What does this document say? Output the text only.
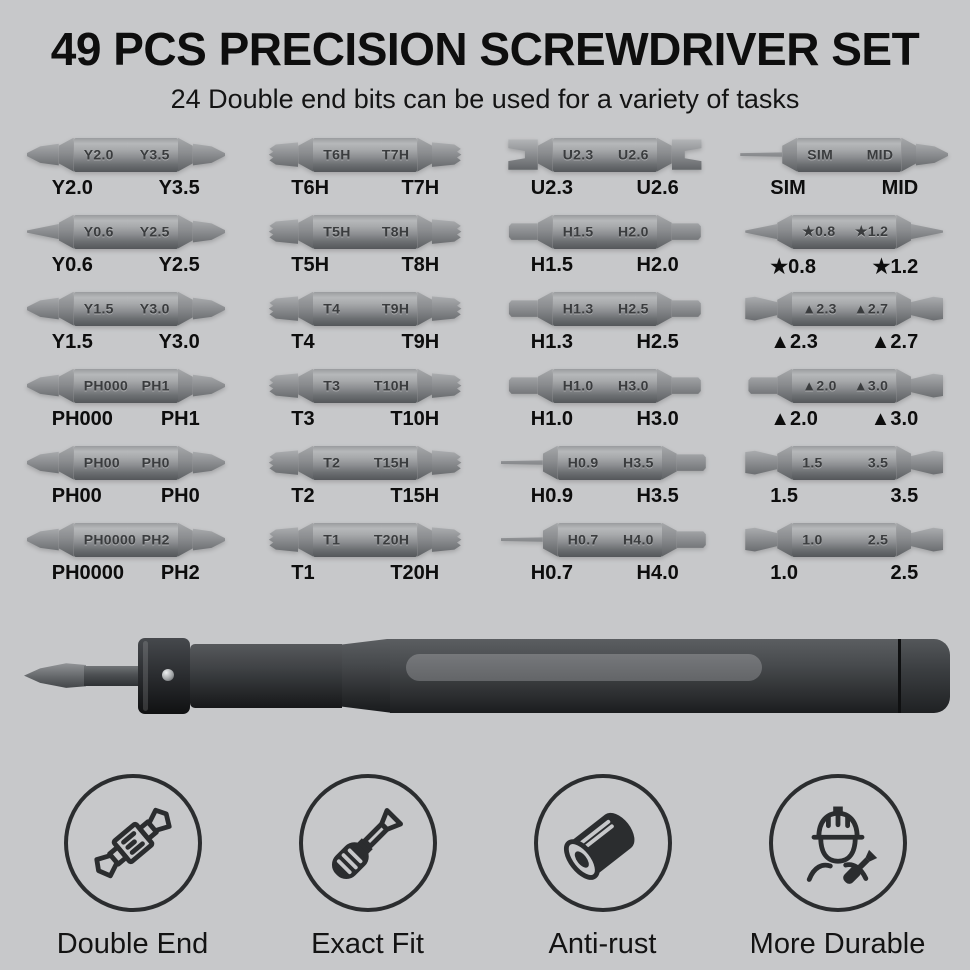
49 PCS PRECISION SCREWDRIVER SET
24 Double end bits can be used for a variety of tasks
Y2.0 Y3.5
Y2.0	Y3.5
T6H T7H
T6H	T7H
U2.3 U2.6
U2.3	U2.6
SIM MID
SIM	MID
Y0.6 Y2.5
Y0.6	Y2.5
T5H T8H
T5H	T8H
H1.5 H2.0
H1.5	H2.0
★0.8 ★1.2
★0.8	★1.2
Y1.5 Y3.0
Y1.5	Y3.0
T4	T9H
T4	T9H
H1.3 H2.5
H1.3	H2.5
▲2.3 ▲2.7
▲2.3	▲2.7
PH000 PH1
PH000 PH1
T3 T10H
T3	T10H
H1.0 H3.0
H1.0	H3.0
▲2.0 ▲3.0
▲2.0	▲3.0
PH00 PH0
PH00	PH0
T2 T15H
T2	T15H
H0.9 H3.5
H0.9	H3.5
1.5	3.5
1.5	3.5
PH0000 PH2
PH0000 PH2
T1 T20H
T1	T20H
H0.7 H4.0
H0.7	H4.0
1.0	2.5
1.0	2.5
Double End	Exact Fit	Anti-rust	More Durable
